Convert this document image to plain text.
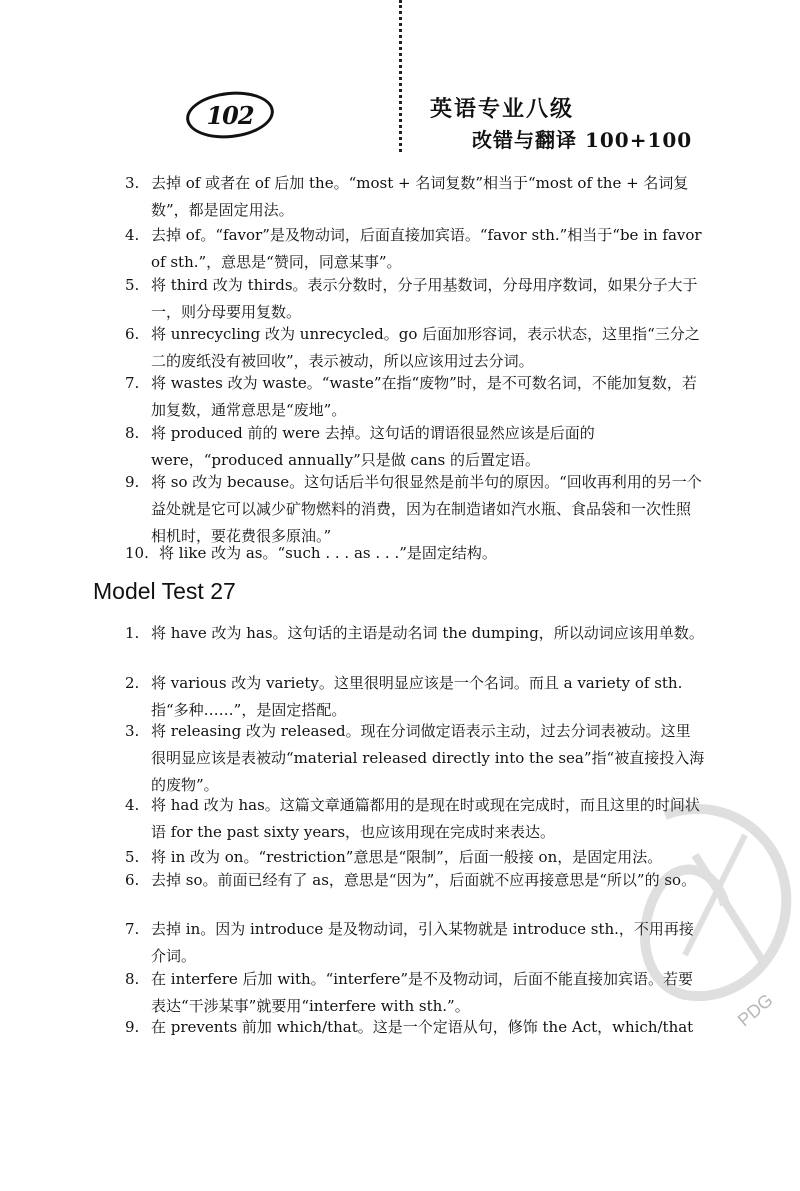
102	英语专业八级
改错与翻译 100+100
3. 去掉 of 或者在 of 后加 the。“most + 名词复数”相当于“most of the + 名词复数”，都是固定用法。
4. 去掉 of。“favor”是及物动词，后面直接加宾语。“favor sth.”相当于“be in favor of sth.”，意思是“赞同，同意某事”。
5. 将 third 改为 thirds。表示分数时，分子用基数词，分母用序数词，如果分子大于一，则分母要用复数。
6. 将 unrecycling 改为 unrecycled。go 后面加形容词，表示状态，这里指“三分之二的废纸没有被回收”，表示被动，所以应该用过去分词。
7. 将 wastes 改为 waste。“waste”在指“废物”时，是不可数名词，不能加复数，若加复数，通常意思是“废地”。
8. 将 produced 前的 were 去掉。这句话的谓语很显然应该是后面的 were，“produced annually”只是做 cans 的后置定语。
9. 将 so 改为 because。这句话后半句很显然是前半句的原因。“回收再利用的另一个益处就是它可以减少矿物燃料的消费，因为在制造诸如汽水瓶、食品袋和一次性照相机时，要花费很多原油。”
10. 将 like 改为 as。“such . . . as . . .”是固定结构。
Model Test 27
1. 将 have 改为 has。这句话的主语是动名词 the dumping，所以动词应该用单数。
2. 将 various 改为 variety。这里很明显应该是一个名词。而且 a variety of sth. 指“多种……”，是固定搭配。
3. 将 releasing 改为 released。现在分词做定语表示主动，过去分词表被动。这里很明显应该是表被动“material released directly into the sea”指“被直接投入海的废物”。
4. 将 had 改为 has。这篇文章通篇都用的是现在时或现在完成时，而且这里的时间状语 for the past sixty years，也应该用现在完成时来表达。
5. 将 in 改为 on。“restriction”意思是“限制”，后面一般接 on，是固定用法。
6. 去掉 so。前面已经有了 as，意思是“因为”，后面就不应再接意思是“所以”的 so。
7. 去掉 in。因为 introduce 是及物动词，引入某物就是 introduce sth.，不用再接介词。
8. 在 interfere 后加 with。“interfere”是不及物动词，后面不能直接加宾语。若要表达“干涉某事”就要用“interfere with sth.”。
9. 在 prevents 前加 which/that。这是一个定语从句，修饰 the Act，which/that	PDG
